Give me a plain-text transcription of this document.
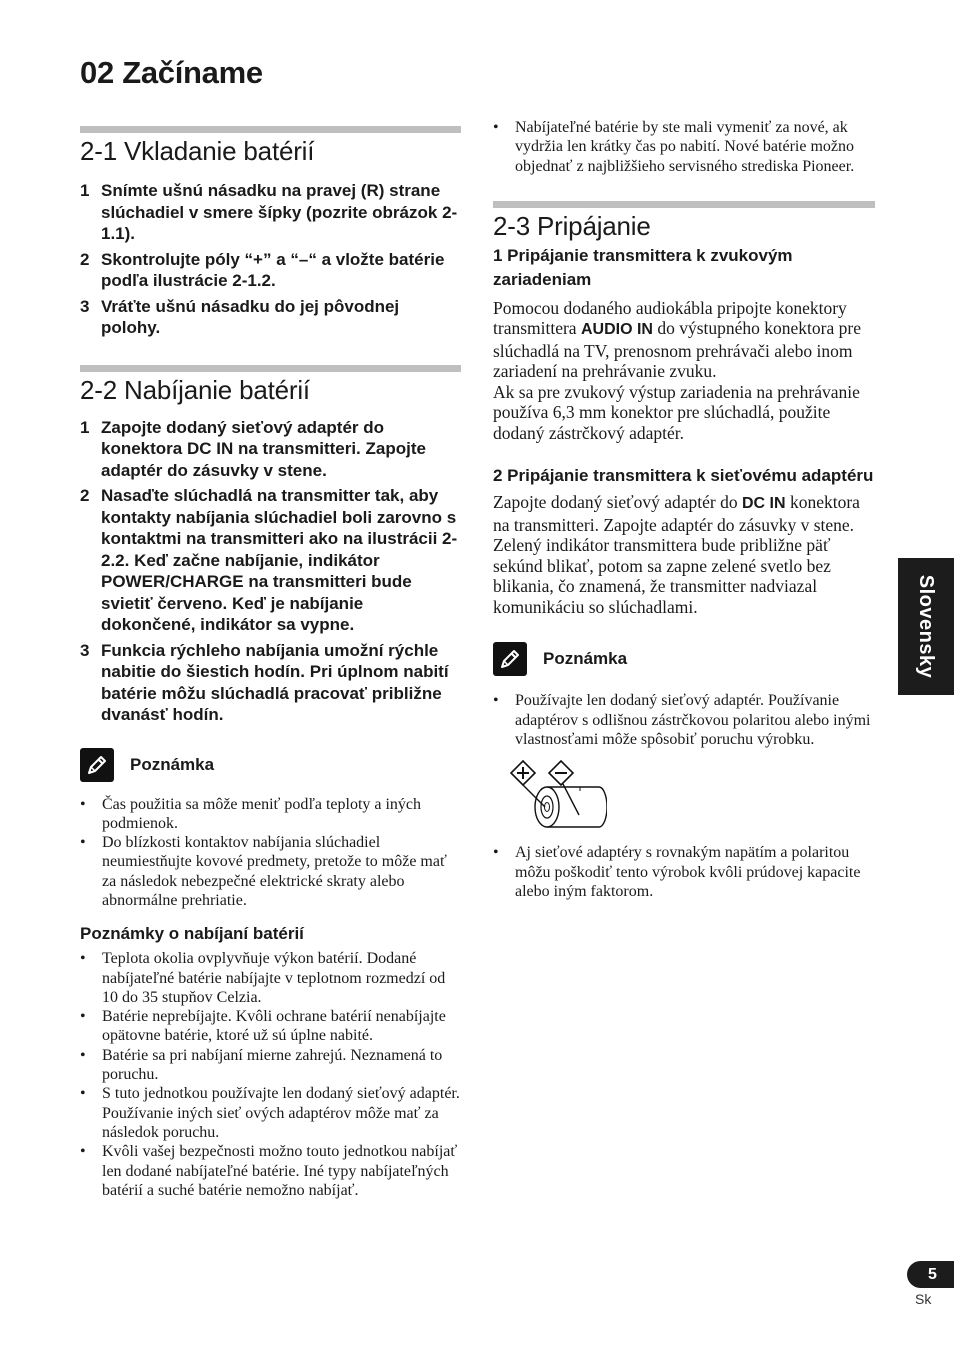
02 Začíname
2-1 Vkladanie batérií
1 Snímte ušnú násadku na pravej (R) strane slúchadiel v smere šípky (pozrite obrázok 2-1.1).
2 Skontrolujte póly “+” a “–“ a vložte batérie podľa ilustrácie 2-1.2.
3 Vráťte ušnú násadku do jej pôvodnej polohy.
2-2 Nabíjanie batérií
1 Zapojte dodaný sieťový adaptér do konektora DC IN na transmitteri. Zapojte adaptér do zásuvky v stene.
2 Nasaďte slúchadlá na transmitter tak, aby kontakty nabíjania slúchadiel boli zarovno s kontaktmi na transmitteri ako na ilustrácii 2-2.2. Keď začne nabíjanie, indikátor POWER/CHARGE na transmitteri bude svietiť červeno. Keď je nabíjanie dokončené, indikátor sa vypne.
3 Funkcia rýchleho nabíjania umožní rýchle nabitie do šiestich hodín. Pri úplnom nabití batérie môžu slúchadlá pracovať približne dvanásť hodín.
Poznámka
• Čas použitia sa môže meniť podľa teploty a iných podmienok.
• Do blízkosti kontaktov nabíjania slúchadiel neumiestňujte kovové predmety, pretože to môže mať za následok nebezpečné elektrické skraty alebo abnormálne prehriatie.
Poznámky o nabíjaní batérií
• Teplota okolia ovplyvňuje výkon batérií. Dodané nabíjateľné batérie nabíjajte v teplotnom rozmedzí od 10 do 35 stupňov Celzia.
• Batérie neprebíjajte. Kvôli ochrane batérií nenabíjajte opätovne batérie, ktoré už sú úplne nabité.
• Batérie sa pri nabíjaní mierne zahrejú. Neznamená to poruchu.
• S tuto jednotkou používajte len dodaný sieťový adaptér. Používanie iných sieť ových adaptérov môže mať za následok poruchu.
• Kvôli vašej bezpečnosti možno touto jednotkou nabíjať len dodané nabíjateľné batérie. Iné typy nabíjateľných batérií a suché batérie nemožno nabíjať.
• Nabíjateľné batérie by ste mali vymeniť za nové, ak vydržia len krátky čas po nabití. Nové batérie možno objednať z najbližšieho servisného strediska Pioneer.
2-3 Pripájanie
1 Pripájanie transmittera k zvukovým zariadeniam

Pomocou dodaného audiokábla pripojte konektory transmittera AUDIO IN do výstupného konektora pre slúchadlá na TV, prenosnom prehrávači alebo inom zariadení na prehrávanie zvuku.

Ak sa pre zvukový výstup zariadenia na prehrávanie používa 6,3 mm konektor pre slúchadlá, použite dodaný zástrčkový adaptér.

2 Pripájanie transmittera k sieťovému adaptéru

Zapojte dodaný sieťový adaptér do DC IN konektora na transmitteri. Zapojte adaptér do zásuvky v stene.

Zelený indikátor transmittera bude približne päť sekúnd blikať, potom sa zapne zelené svetlo bez blikania, čo znamená, že transmitter nadviazal komunikáciu so slúchadlami.

Poznámka
• Používajte len dodaný sieťový adaptér. Používanie adaptérov s odlišnou zástrčkovou polaritou alebo inými vlastnosťami môže spôsobiť poruchu výrobku.
• Aj sieťové adaptéry s rovnakým napätím a polaritou môžu poškodiť tento výrobok kvôli prúdovej kapacite alebo iným faktorom.
Slovensky
5
Sk
